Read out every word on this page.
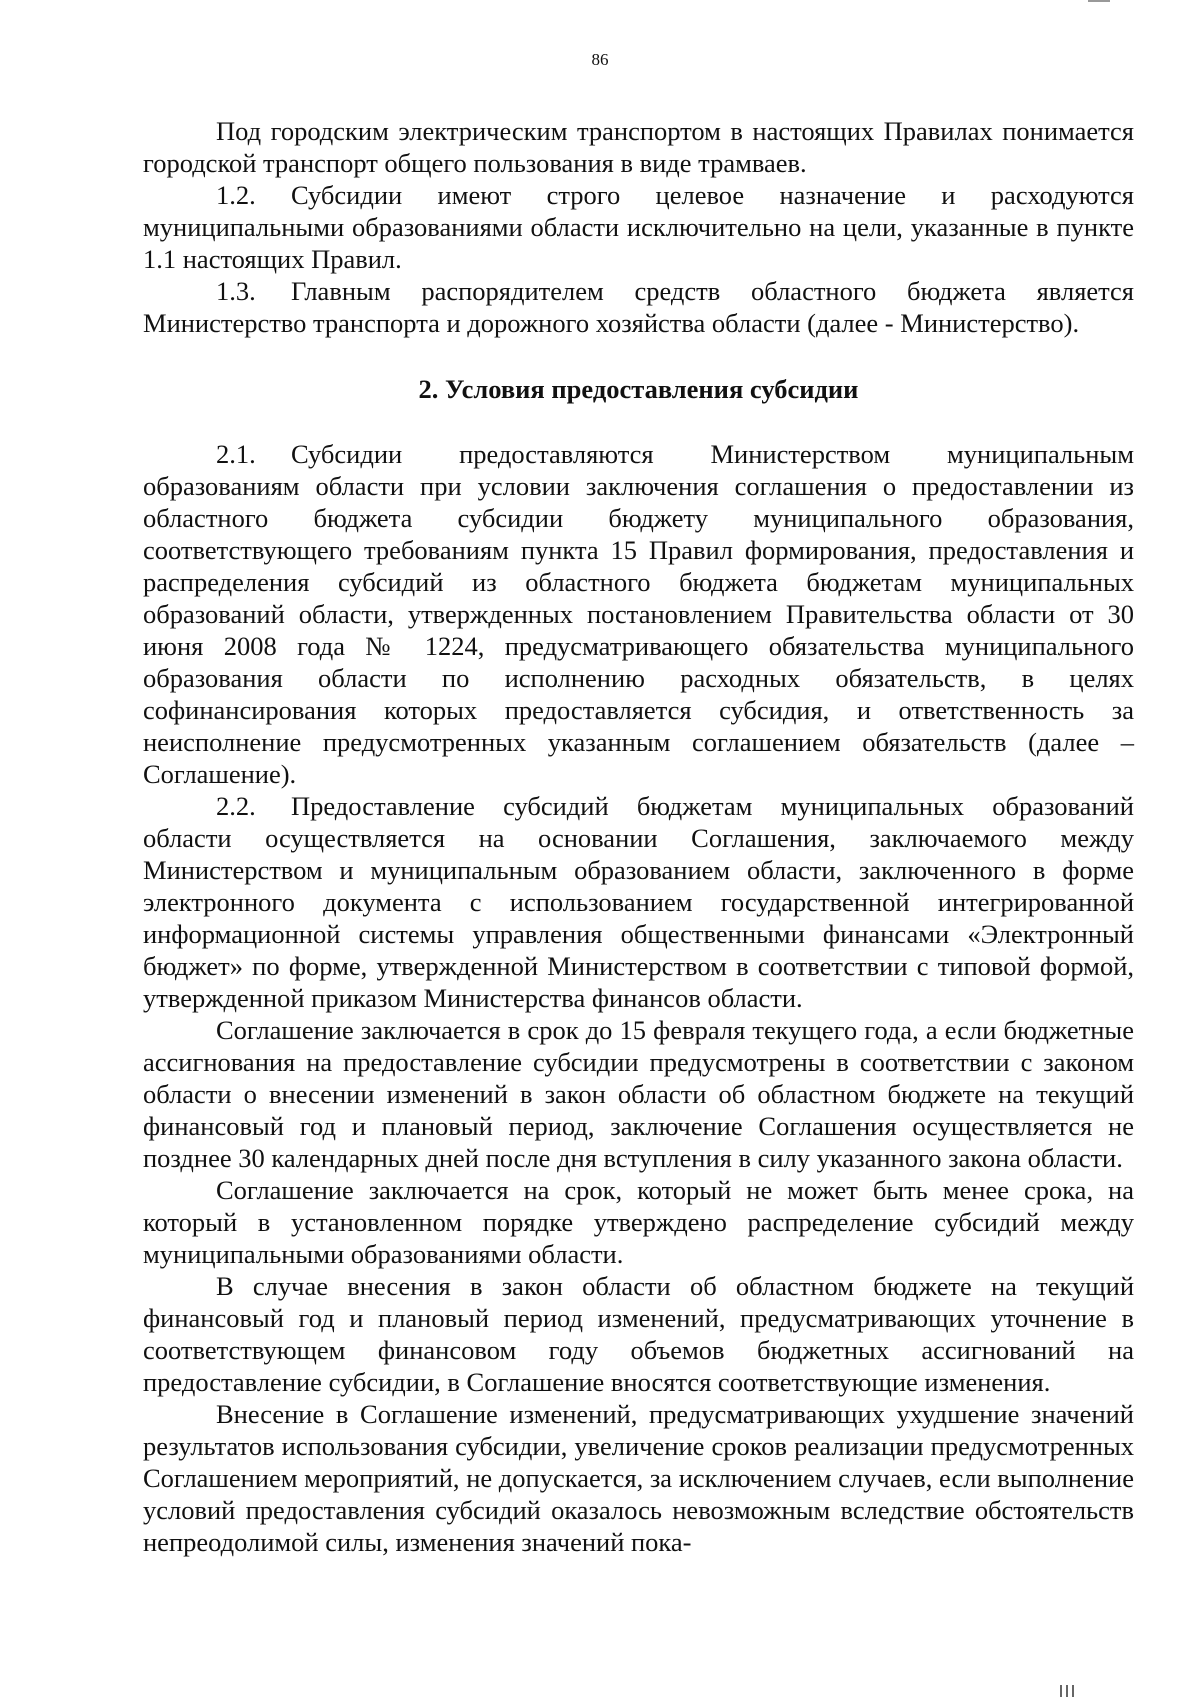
86

Под городским электрическим транспортом в настоящих Правилах понимается городской транспорт общего пользования в виде трамваев.

1.2. Субсидии имеют строго целевое назначение и расходуются муниципальными образованиями области исключительно на цели, указанные в пункте 1.1 настоящих Правил.

1.3. Главным распорядителем средств областного бюджета является Министерство транспорта и дорожного хозяйства области (далее - Министерство).

2. Условия предоставления субсидии

2.1. Субсидии предоставляются Министерством муниципальным образованиям области при условии заключения соглашения о предоставлении из областного бюджета субсидии бюджету муниципального образования, соответствующего требованиям пункта 15 Правил формирования, предоставления и распределения субсидий из областного бюджета бюджетам муниципальных образований области, утвержденных постановлением Правительства области от 30 июня 2008 года № 1224, предусматривающего обязательства муниципального образования области по исполнению расходных обязательств, в целях софинансирования которых предоставляется субсидия, и ответственность за неисполнение предусмотренных указанным соглашением обязательств (далее – Соглашение).

2.2. Предоставление субсидий бюджетам муниципальных образований области осуществляется на основании Соглашения, заключаемого между Министерством и муниципальным образованием области, заключенного в форме электронного документа с использованием государственной интегрированной информационной системы управления общественными финансами «Электронный бюджет» по форме, утвержденной Министерством в соответствии с типовой формой, утвержденной приказом Министерства финансов области.

Соглашение заключается в срок до 15 февраля текущего года, а если бюджетные ассигнования на предоставление субсидии предусмотрены в соответствии с законом области о внесении изменений в закон области об областном бюджете на текущий финансовый год и плановый период, заключение Соглашения осуществляется не позднее 30 календарных дней после дня вступления в силу указанного закона области.

Соглашение заключается на срок, который не может быть менее срока, на который в установленном порядке утверждено распределение субсидий между муниципальными образованиями области.

В случае внесения в закон области об областном бюджете на текущий финансовый год и плановый период изменений, предусматривающих уточнение в соответствующем финансовом году объемов бюджетных ассигнований на предоставление субсидии, в Соглашение вносятся соответствующие изменения.

Внесение в Соглашение изменений, предусматривающих ухудшение значений результатов использования субсидии, увеличение сроков реализации предусмотренных Соглашением мероприятий, не допускается, за исключением случаев, если выполнение условий предоставления субсидий оказалось невозможным вследствие обстоятельств непреодолимой силы, изменения значений пока-
